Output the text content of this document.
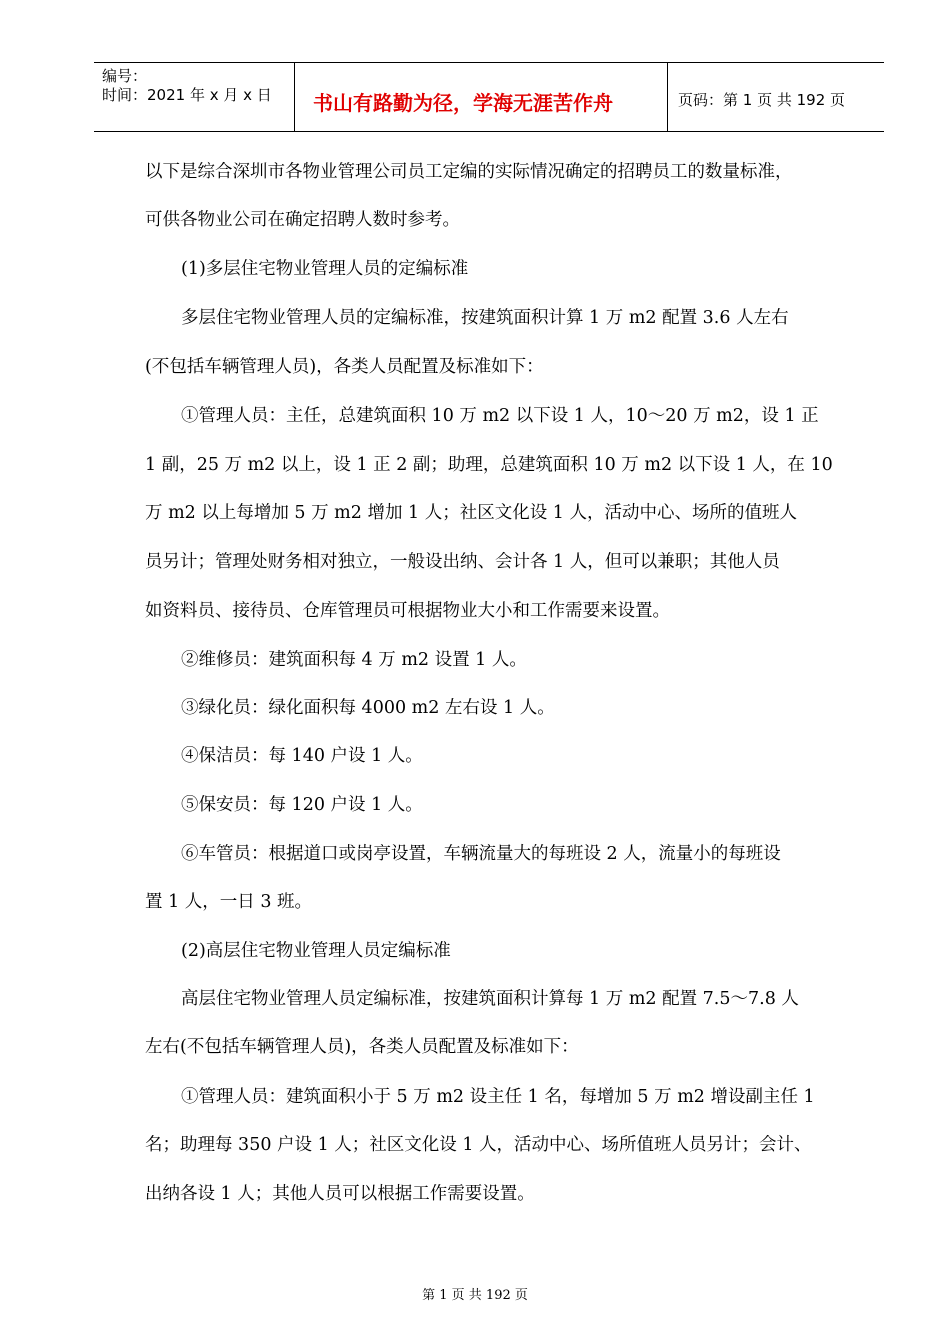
编号：
时间：2021 年 x 月 x 日 书山有路勤为径，学海无涯苦作舟	页码：第 1 页 共 192 页
以下是综合深圳市各物业管理公司员工定编的实际情况确定的招聘员工的数量标准，
可供各物业公司在确定招聘人数时参考。
(1)多层住宅物业管理人员的定编标准
多层住宅物业管理人员的定编标准，按建筑面积计算 1 万 m2 配置 3.6 人左右
(不包括车辆管理人员)，各类人员配置及标准如下：
①管理人员：主任，总建筑面积 10 万 m2 以下设 1 人，10～20 万 m2，设 1 正
1 副，25 万 m2 以上，设 1 正 2 副；助理，总建筑面积 10 万 m2 以下设 1 人，在 10
万 m2 以上每增加 5 万 m2 增加 1 人；社区文化设 1 人，活动中心、场所的值班人
员另计；管理处财务相对独立，一般设出纳、会计各 1 人，但可以兼职；其他人员
如资料员、接待员、仓库管理员可根据物业大小和工作需要来设置。
②维修员：建筑面积每 4 万 m2 设置 1 人。
③绿化员：绿化面积每 4000 m2 左右设 1 人。
④保洁员：每 140 户设 1 人。
⑤保安员：每 120 户设 1 人。
⑥车管员：根据道口或岗亭设置，车辆流量大的每班设 2 人，流量小的每班设
置 1 人，一日 3 班。
(2)高层住宅物业管理人员定编标准
高层住宅物业管理人员定编标准，按建筑面积计算每 1 万 m2 配置 7.5～7.8 人
左右(不包括车辆管理人员)，各类人员配置及标准如下：
①管理人员：建筑面积小于 5 万 m2 设主任 1 名，每增加 5 万 m2 增设副主任 1
名；助理每 350 户设 1 人；社区文化设 1 人，活动中心、场所值班人员另计；会计、
出纳各设 1 人；其他人员可以根据工作需要设置。
第 1 页 共 192 页
